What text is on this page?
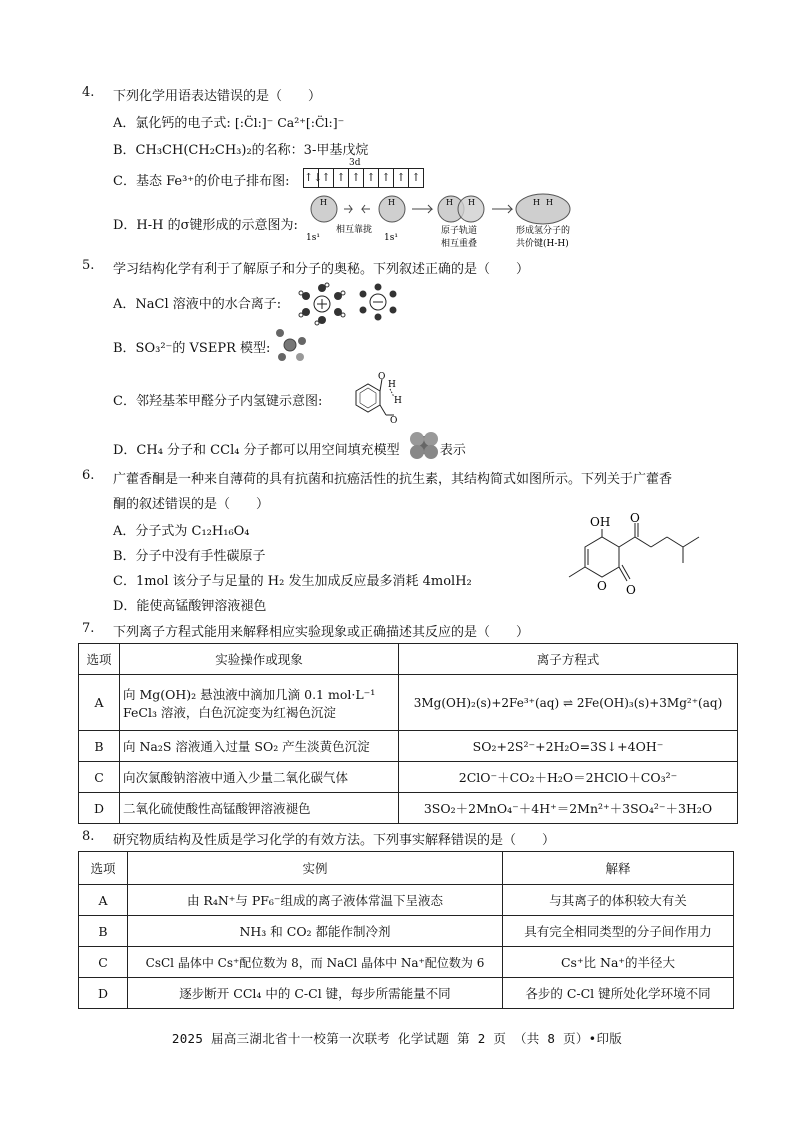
4. 下列化学用语表达错误的是（　　）
A．氯化钙的电子式: [:C̈l:]⁻ Ca²⁺[:C̈l:]⁻
B．CH₃CH(CH₂CH₃)₂的名称：3-甲基戊烷
C．基态 Fe³⁺的价电子排布图:
3d
↑↓
↑ ↑ ↑ ↑ ↑ ↑ ↑
D．H-H 的σ键形成的示意图为:
H	H	H H	H H
1s¹
相互靠拢
1s¹
原子轨道
相互重叠
形成氢分子的
共价键(H-H)
5. 学习结构化学有利于了解原子和分子的奥秘。下列叙述正确的是（　　）
A．NaCl 溶液中的水合离子:
B．SO₃²⁻的 VSEPR 模型:
C．邻羟基苯甲醛分子内氢键示意图:
O
H
H
O
D．CH₄ 分子和 CCl₄ 分子都可以用空间填充模型	表示
6. 广藿香酮是一种来自薄荷的具有抗菌和抗癌活性的抗生素，其结构简式如图所示。下列关于广藿香
酮的叙述错误的是（　　）
A．分子式为 C₁₂H₁₆O₄
B．分子中没有手性碳原子
C．1mol 该分子与足量的 H₂ 发生加成反应最多消耗 4molH₂
D．能使高锰酸钾溶液褪色
OH O
O O
7. 下列离子方程式能用来解释相应实验现象或正确描述其反应的是（　　）
选项	实验操作或现象	离子方程式
A	向 Mg(OH)₂ 悬浊液中滴加几滴 0.1 mol·L⁻¹
FeCl₃ 溶液，白色沉淀变为红褐色沉淀	3Mg(OH)₂(s)+2Fe³⁺(aq) ⇌ 2Fe(OH)₃(s)+3Mg²⁺(aq)
B	向 Na₂S 溶液通入过量 SO₂ 产生淡黄色沉淀	SO₂+2S²⁻+2H₂O=3S↓+4OH⁻
C	向次氯酸钠溶液中通入少量二氧化碳气体	2ClO⁻＋CO₂＋H₂O＝2HClO＋CO₃²⁻
D	二氧化硫使酸性高锰酸钾溶液褪色	3SO₂＋2MnO₄⁻＋4H⁺＝2Mn²⁺＋3SO₄²⁻＋3H₂O
8. 研究物质结构及性质是学习化学的有效方法。下列事实解释错误的是（　　）
选项	实例	解释
A	由 R₄N⁺与 PF₆⁻组成的离子液体常温下呈液态	与其离子的体积较大有关
B	NH₃ 和 CO₂ 都能作制冷剂	具有完全相同类型的分子间作用力
C	CsCl 晶体中 Cs⁺配位数为 8，而 NaCl 晶体中 Na⁺配位数为 6	Cs⁺比 Na⁺的半径大
D	逐步断开 CCl₄ 中的 C-Cl 键，每步所需能量不同	各步的 C-Cl 键所处化学环境不同
2025 届高三湖北省十一校第一次联考 化学试题 第 2 页 （共 8 页）•印版
